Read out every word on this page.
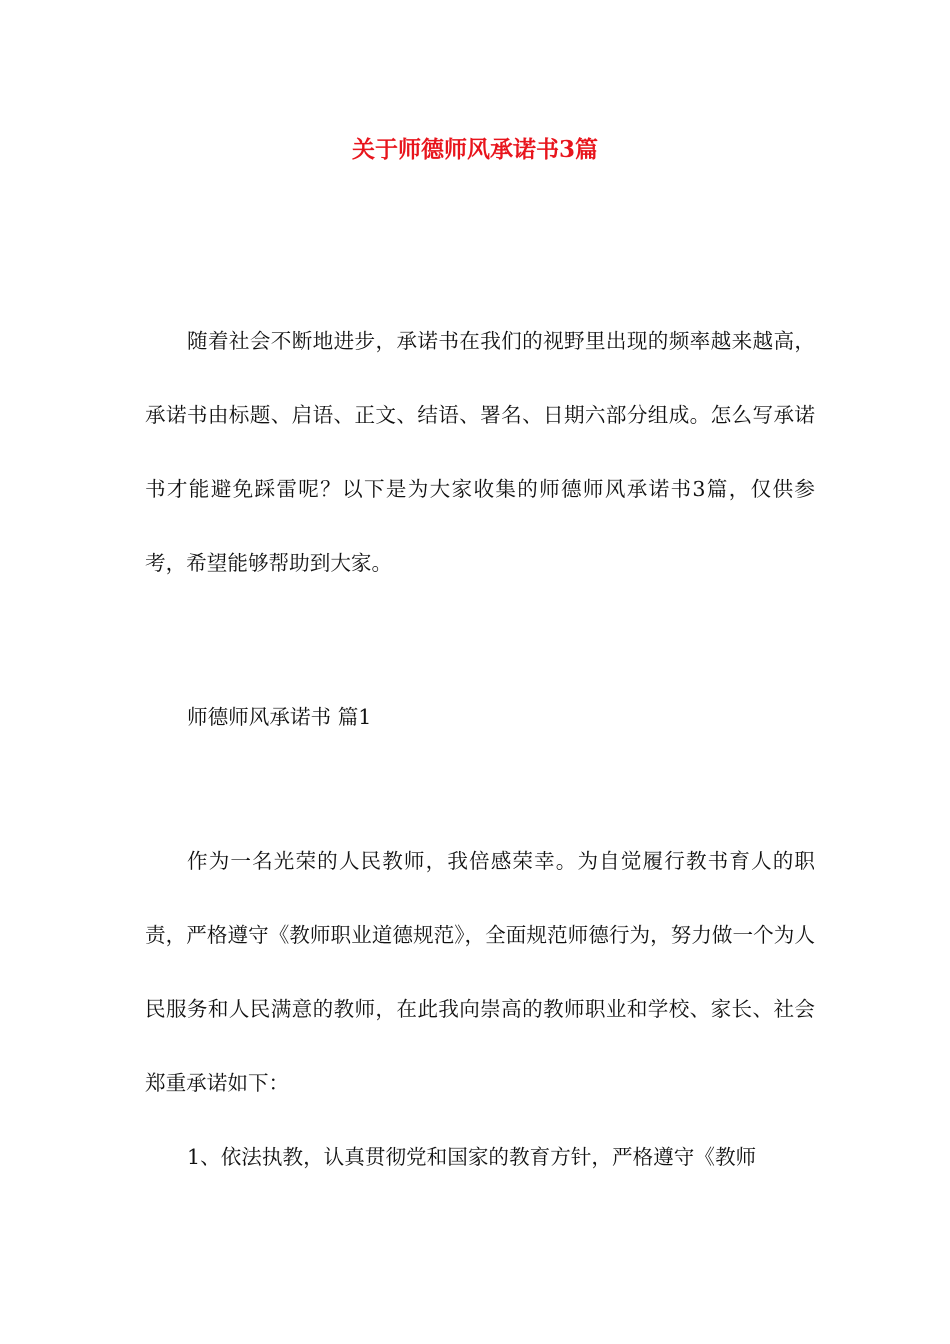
关于师德师风承诺书3篇

随着社会不断地进步，承诺书在我们的视野里出现的频率越来越高，承诺书由标题、启语、正文、结语、署名、日期六部分组成。怎么写承诺书才能避免踩雷呢？以下是为大家收集的师德师风承诺书3篇，仅供参考，希望能够帮助到大家。

师德师风承诺书 篇1

作为一名光荣的人民教师，我倍感荣幸。为自觉履行教书育人的职责，严格遵守《教师职业道德规范》，全面规范师德行为，努力做一个为人民服务和人民满意的教师，在此我向崇高的教师职业和学校、家长、社会郑重承诺如下：

1、依法执教，认真贯彻党和国家的教育方针，严格遵守《教师
